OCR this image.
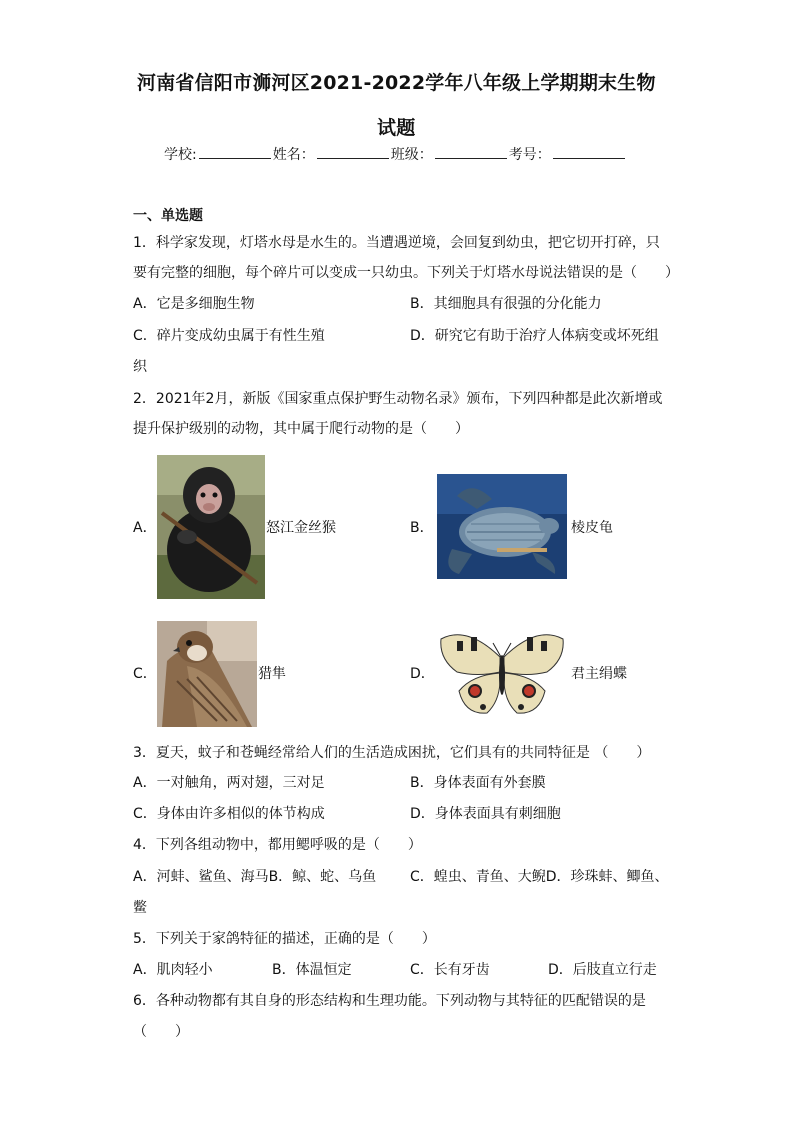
河南省信阳市浉河区2021-2022学年八年级上学期期末生物
试题
学校:	姓名：	班级：	考号：
一、单选题
1．科学家发现，灯塔水母是水生的。当遭遇逆境，会回复到幼虫，把它切开打碎，只
要有完整的细胞，每个碎片可以变成一只幼虫。下列关于灯塔水母说法错误的是（　　）
A．它是多细胞生物	B．其细胞具有很强的分化能力
C．碎片变成幼虫属于有性生殖	D．研究它有助于治疗人体病变或坏死组
织
2．2021年2月，新版《国家重点保护野生动物名录》颁布，下列四种都是此次新增或
提升保护级别的动物，其中属于爬行动物的是（　　）
A．	怒江金丝猴	B．	棱皮龟
C．	猎隼	D．	君主绢蝶
3．夏天，蚊子和苍蝇经常给人们的生活造成困扰，它们具有的共同特征是 （　　）
A．一对触角，两对翅，三对足	B．身体表面有外套膜
C．身体由许多相似的体节构成	D．身体表面具有刺细胞
4．下列各组动物中，都用鳃呼吸的是（　　）
A．河蚌、鲨鱼、海马B．鲸、蛇、乌鱼 C．蝗虫、青鱼、大鲵D．珍珠蚌、鲫鱼、
鳖
5．下列关于家鸽特征的描述，正确的是（　　）
A．肌肉轻小	B．体温恒定	C．长有牙齿	D．后肢直立行走
6．各种动物都有其自身的形态结构和生理功能。下列动物与其特征的匹配错误的是
（　　）
